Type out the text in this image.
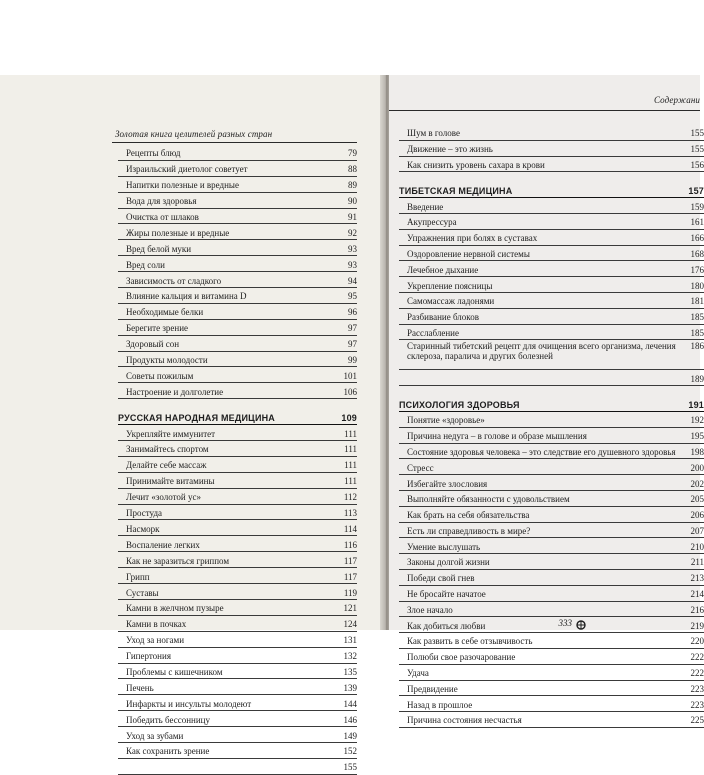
Золотая книга целителей разных стран
Рецепты блюд	79
Израильский диетолог советует	88
Напитки полезные и вредные	89
Вода для здоровья	90
Очистка от шлаков	91
Жиры полезные и вредные	92
Вред белой муки	93
Вред соли	93
Зависимость от сладкого	94
Влияние кальция и витамина D	95
Необходимые белки	96
Берегите зрение	97
Здоровый сон	97
Продукты молодости	99
Советы пожилым	101
Настроение и долголетие	106
РУССКАЯ НАРОДНАЯ МЕДИЦИНА	109
Укрепляйте иммунитет	111
Занимайтесь спортом	111
Делайте себе массаж	111
Принимайте витамины	111
Лечит «золотой ус»	112
Простуда	113
Насморк	114
Воспаление легких	116
Как не заразиться гриппом	117
Грипп	117
Суставы	119
Камни в желчном пузыре	121
Камни в почках	124
Уход за ногами	131
Гипертония	132
Проблемы с кишечником	135
Печень	139
Инфаркты и инсульты молодеют	144
Победить бессонницу	146
Уход за зубами	149
Как сохранить зрение	152
155
Содержани
Шум в голове	155
Движение – это жизнь	155
Как снизить уровень сахара в крови	156
ТИБЕТСКАЯ МЕДИЦИНА	157
Введение	159
Акупрессура	161
Упражнения при болях в суставах	166
Оздоровление нервной системы	168
Лечебное дыхание	176
Укрепление поясницы	180
Самомассаж ладонями	181
Разбивание блоков	185
Расслабление	185
Старинный тибетский рецепт для очищения всего организма, лечения склероза, паралича и других болезней
186
189
ПСИХОЛОГИЯ ЗДОРОВЬЯ	191
Понятие «здоровье»	192
Причина недуга – в голове и образе мышления	195
Состояние здоровья человека – это следствие его душевного здоровья	198
Стресс	200
Избегайте злословия	202
Выполняйте обязанности с удовольствием	205
Как брать на себя обязательства	206
Есть ли справедливость в мире?	207
Умение выслушать	210
Законы долгой жизни	211
Победи свой гнев	213
Не бросайте начатое	214
Злое начало	216
Как добиться любви	219
Как развить в себе отзывчивость	220
Полюби свое разочарование	222
Удача	222
Предвидение	223
Назад в прошлое	223
Причина состояния несчастья	225
333
